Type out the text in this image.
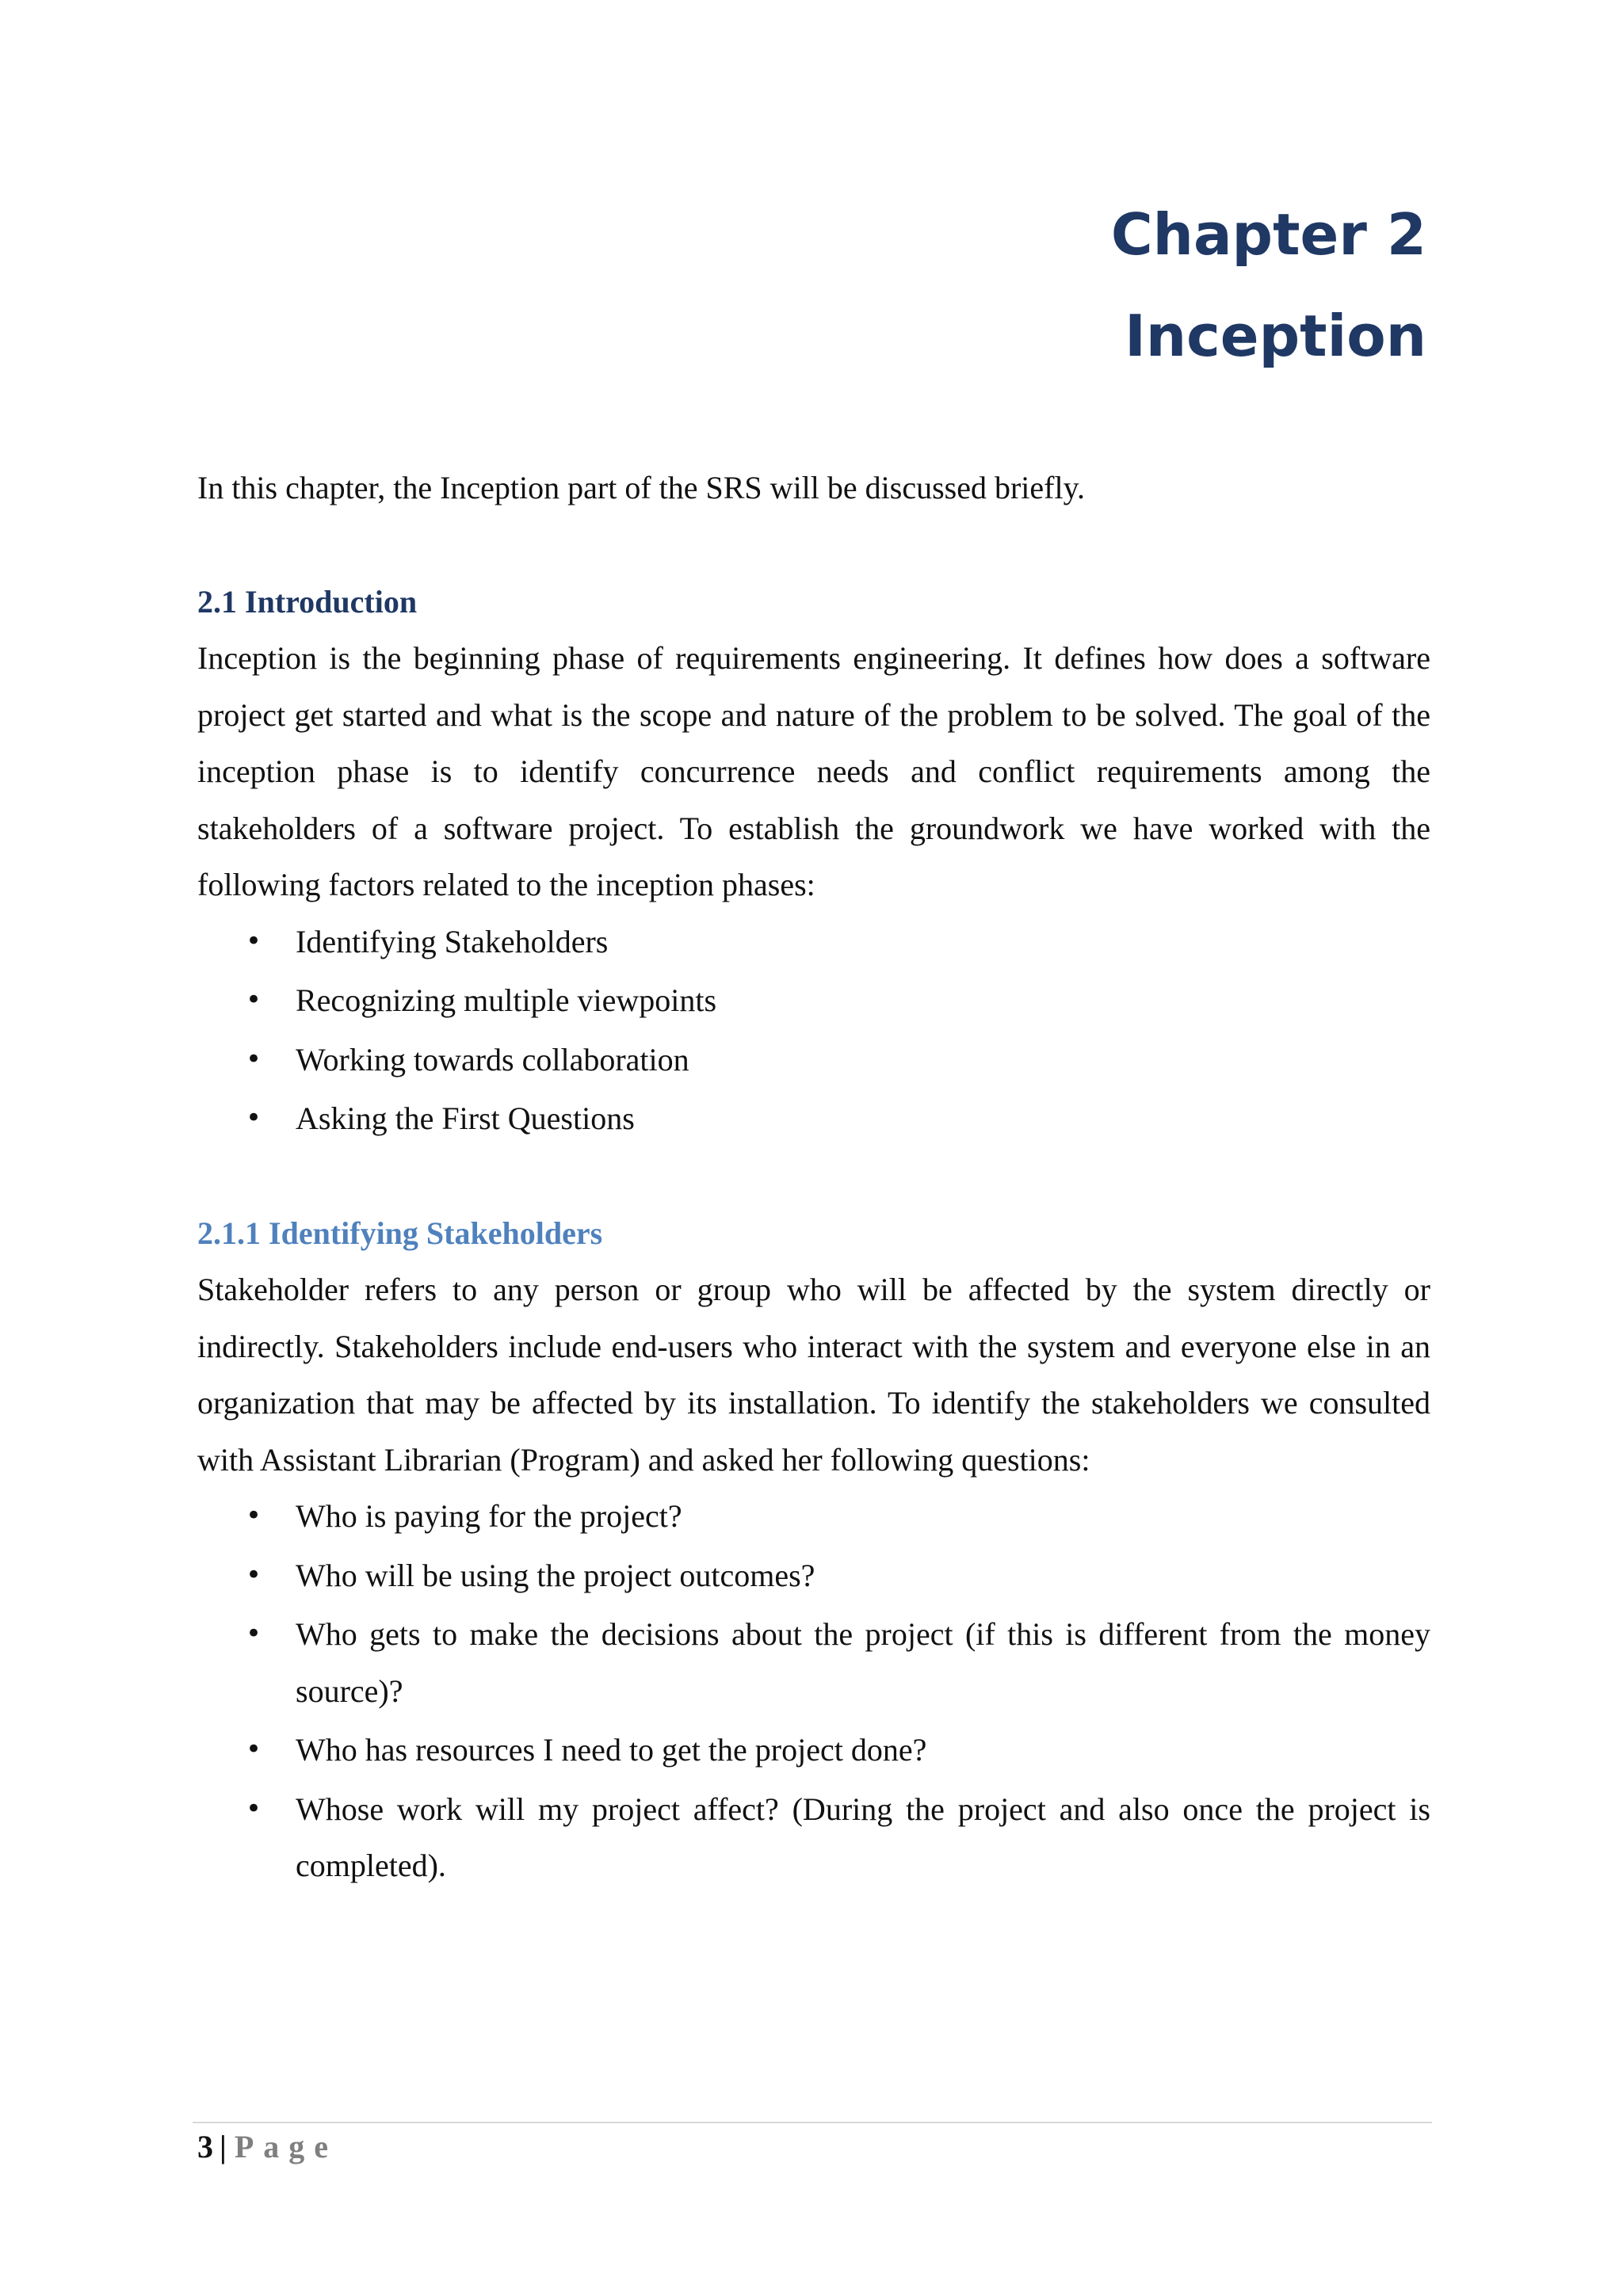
Chapter 2
Inception

In this chapter, the Inception part of the SRS will be discussed briefly.

2.1 Introduction

Inception is the beginning phase of requirements engineering. It defines how does a software project get started and what is the scope and nature of the problem to be solved. The goal of the inception phase is to identify concurrence needs and conflict requirements among the stakeholders of a software project. To establish the groundwork we have worked with the following factors related to the inception phases:

• Identifying Stakeholders
• Recognizing multiple viewpoints
• Working towards collaboration
• Asking the First Questions
2.1.1 Identifying Stakeholders

Stakeholder refers to any person or group who will be affected by the system directly or indirectly. Stakeholders include end-users who interact with the system and everyone else in an organization that may be affected by its installation. To identify the stakeholders we consulted with Assistant Librarian (Program) and asked her following questions:

• Who is paying for the project?
• Who will be using the project outcomes?
• Who gets to make the decisions about the project (if this is different from the money source)?
• Who has resources I need to get the project done?
• Whose work will my project affect? (During the project and also once the project is completed).
3 | Page
